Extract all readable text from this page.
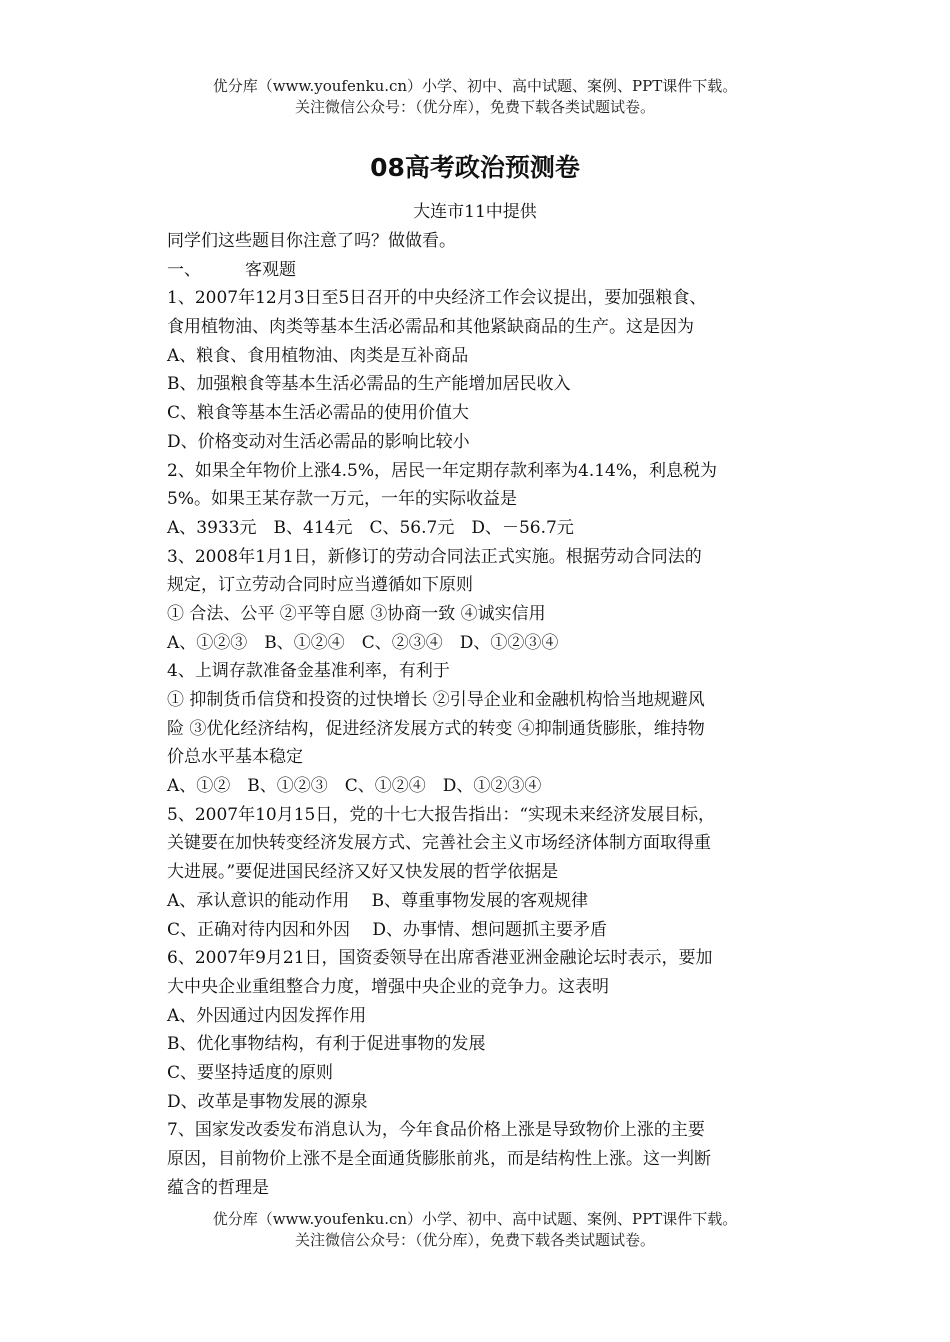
优分库（www.youfenku.cn）小学、初中、高中试题、案例、PPT课件下载。
关注微信公众号：（优分库），免费下载各类试题试卷。
08高考政治预测卷
大连市11中提供
同学们这些题目你注意了吗？做做看。
一、	客观题
1、2007年12月3日至5日召开的中央经济工作会议提出，要加强粮食、
食用植物油、肉类等基本生活必需品和其他紧缺商品的生产。这是因为
A、粮食、食用植物油、肉类是互补商品
B、加强粮食等基本生活必需品的生产能增加居民收入
C、粮食等基本生活必需品的使用价值大
D、价格变动对生活必需品的影响比较小
2、如果全年物价上涨4.5%，居民一年定期存款利率为4.14%，利息税为
5%。如果王某存款一万元，一年的实际收益是
A、3933元　B、414元　C、56.7元　D、－56.7元
3、2008年1月1日，新修订的劳动合同法正式实施。根据劳动合同法的
规定，订立劳动合同时应当遵循如下原则
① 合法、公平 ②平等自愿 ③协商一致 ④诚实信用
A、①②③　B、①②④　C、②③④　D、①②③④
4、上调存款准备金基准利率，有利于
① 抑制货币信贷和投资的过快增长 ②引导企业和金融机构恰当地规避风
险 ③优化经济结构，促进经济发展方式的转变 ④抑制通货膨胀，维持物
价总水平基本稳定
A、①②　B、①②③　C、①②④　D、①②③④
5、2007年10月15日，党的十七大报告指出：“实现未来经济发展目标，
关键要在加快转变经济发展方式、完善社会主义市场经济体制方面取得重
大进展。”要促进国民经济又好又快发展的哲学依据是
A、承认意识的能动作用　 B、尊重事物发展的客观规律
C、正确对待内因和外因　 D、办事情、想问题抓主要矛盾
6、2007年9月21日，国资委领导在出席香港亚洲金融论坛时表示，要加
大中央企业重组整合力度，增强中央企业的竞争力。这表明
A、外因通过内因发挥作用
B、优化事物结构，有利于促进事物的发展
C、要坚持适度的原则
D、改革是事物发展的源泉
7、国家发改委发布消息认为，今年食品价格上涨是导致物价上涨的主要
原因，目前物价上涨不是全面通货膨胀前兆，而是结构性上涨。这一判断
蕴含的哲理是
优分库（www.youfenku.cn）小学、初中、高中试题、案例、PPT课件下载。
关注微信公众号：（优分库），免费下载各类试题试卷。
